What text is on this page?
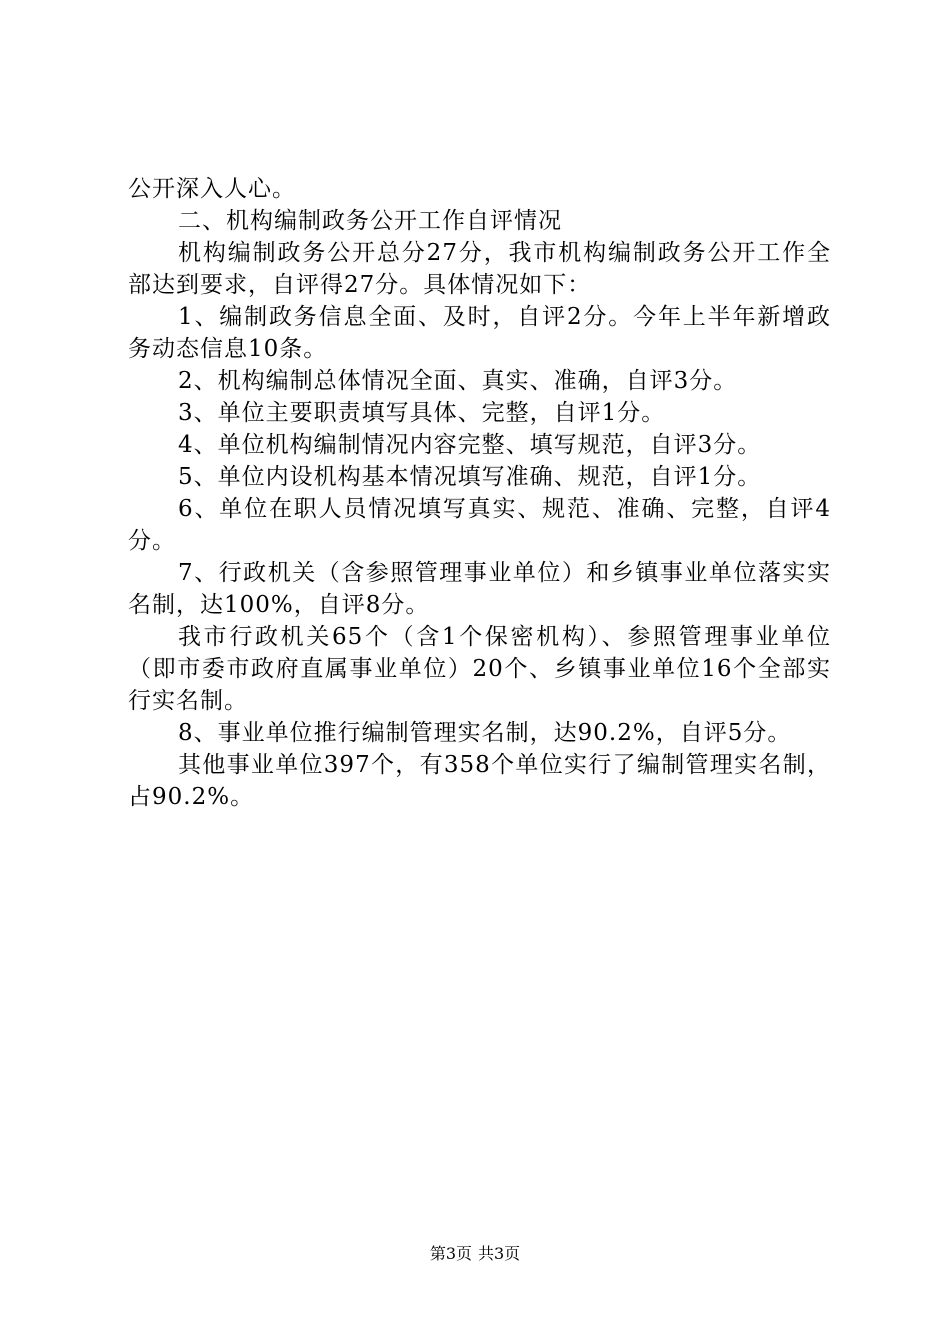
公开深入人心。

二、机构编制政务公开工作自评情况

机构编制政务公开总分27分，我市机构编制政务公开工作全部达到要求，自评得27分。具体情况如下：

1、编制政务信息全面、及时，自评2分。今年上半年新增政务动态信息10条。

2、机构编制总体情况全面、真实、准确，自评3分。

3、单位主要职责填写具体、完整，自评1分。

4、单位机构编制情况内容完整、填写规范，自评3分。

5、单位内设机构基本情况填写准确、规范，自评1分。

6、单位在职人员情况填写真实、规范、准确、完整，自评4分。

7、行政机关（含参照管理事业单位）和乡镇事业单位落实实名制，达100%，自评8分。

我市行政机关65个（含1个保密机构）、参照管理事业单位（即市委市政府直属事业单位）20个、乡镇事业单位16个全部实行实名制。

8、事业单位推行编制管理实名制，达90.2%，自评5分。

其他事业单位397个，有358个单位实行了编制管理实名制，占90.2%。

第3页 共3页
